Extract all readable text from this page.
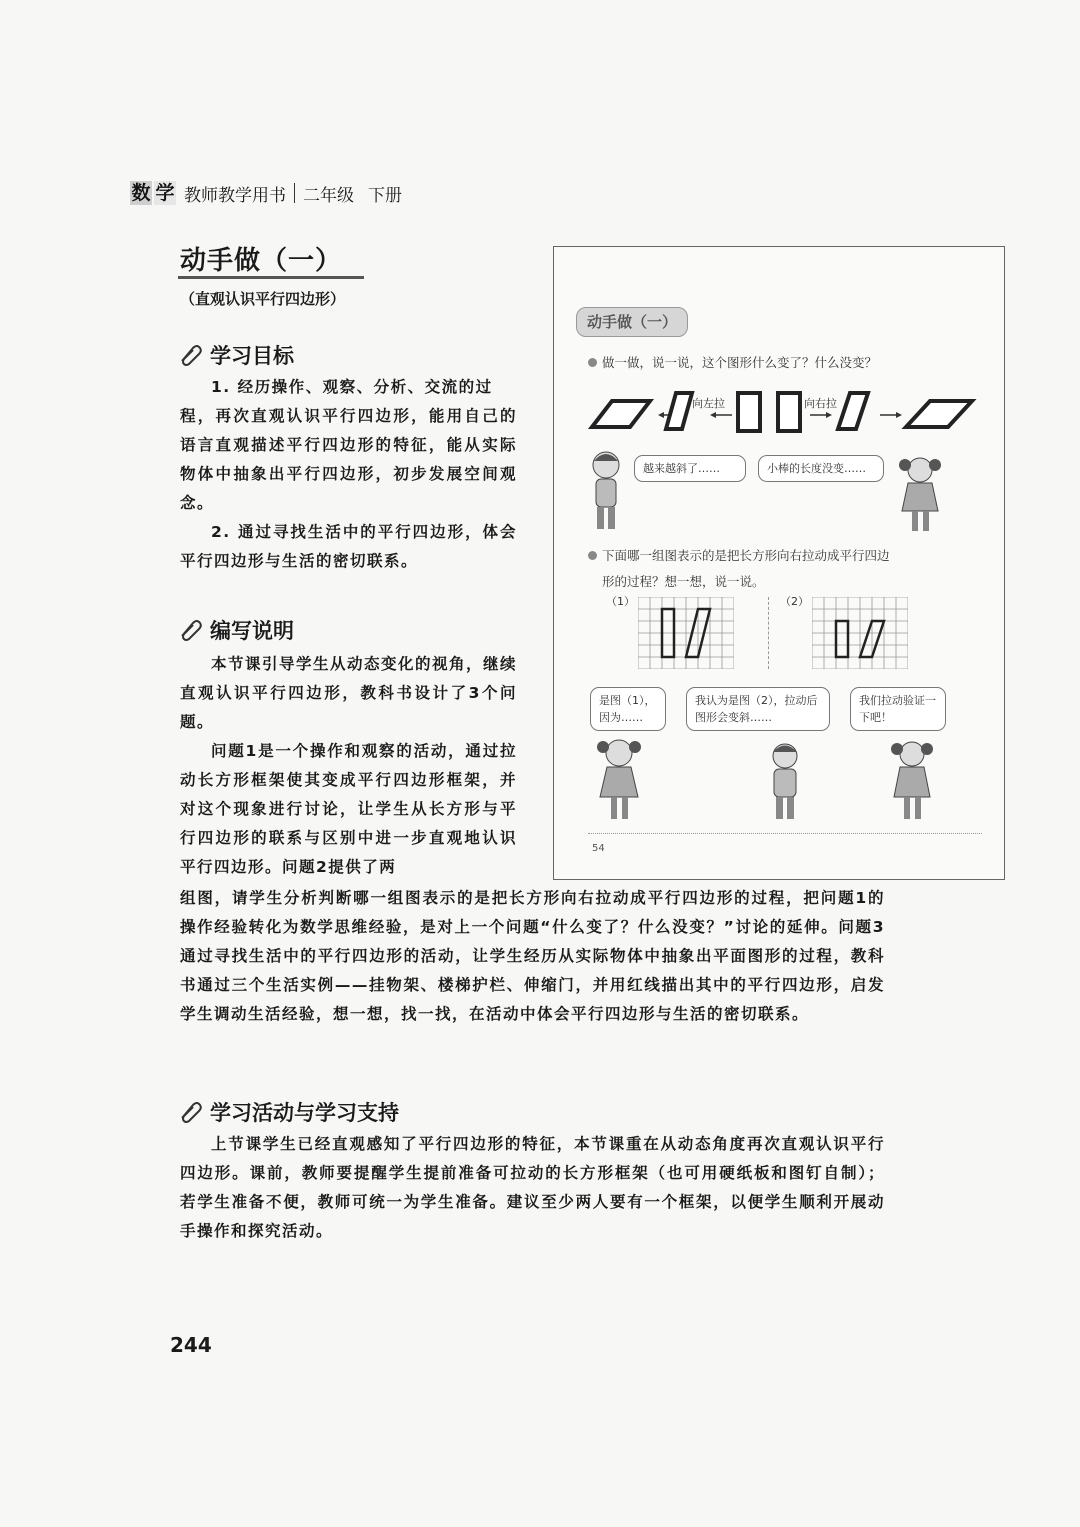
数 学 教师教学用书 二年级 下册
动手做（一）
（直观认识平行四边形）
学习目标

1. 经历操作、观察、分析、交流的过

程，再次直观认识平行四边形，能用自己的语言直观描述平行四边形的特征，能从实际物体中抽象出平行四边形，初步发展空间观念。

2. 通过寻找生活中的平行四边形，体会平行四边形与生活的密切联系。

编写说明

本节课引导学生从动态变化的视角，继续直观认识平行四边形，教科书设计了3个问题。

问题1是一个操作和观察的活动，通过拉动长方形框架使其变成平行四边形框架，并对这个现象进行讨论，让学生从长方形与平行四边形的联系与区别中进一步直观地认识平行四边形。问题2提供了两

组图，请学生分析判断哪一组图表示的是把长方形向右拉动成平行四边形的过程，把问题1的操作经验转化为数学思维经验，是对上一个问题“什么变了？什么没变？”讨论的延伸。问题3通过寻找生活中的平行四边形的活动，让学生经历从实际物体中抽象出平面图形的过程，教科书通过三个生活实例——挂物架、楼梯护栏、伸缩门，并用红线描出其中的平行四边形，启发学生调动生活经验，想一想，找一找，在活动中体会平行四边形与生活的密切联系。

学习活动与学习支持

上节课学生已经直观感知了平行四边形的特征，本节课重在从动态角度再次直观认识平行四边形。课前，教师要提醒学生提前准备可拉动的长方形框架（也可用硬纸板和图钉自制）；若学生准备不便，教师可统一为学生准备。建议至少两人要有一个框架，以便学生顺利开展动手操作和探究活动。

动手做（一）
做一做，说一说，这个图形什么变了？什么没变？
向左拉	向右拉
越来越斜了……	小棒的长度没变……
下面哪一组图表示的是把长方形向右拉动成平行四边
形的过程？想一想，说一说。
（1）	（2）
是图（1），因为……
我认为是图（2），拉动后图形会变斜……
我们拉动验证一下吧！
54
244
